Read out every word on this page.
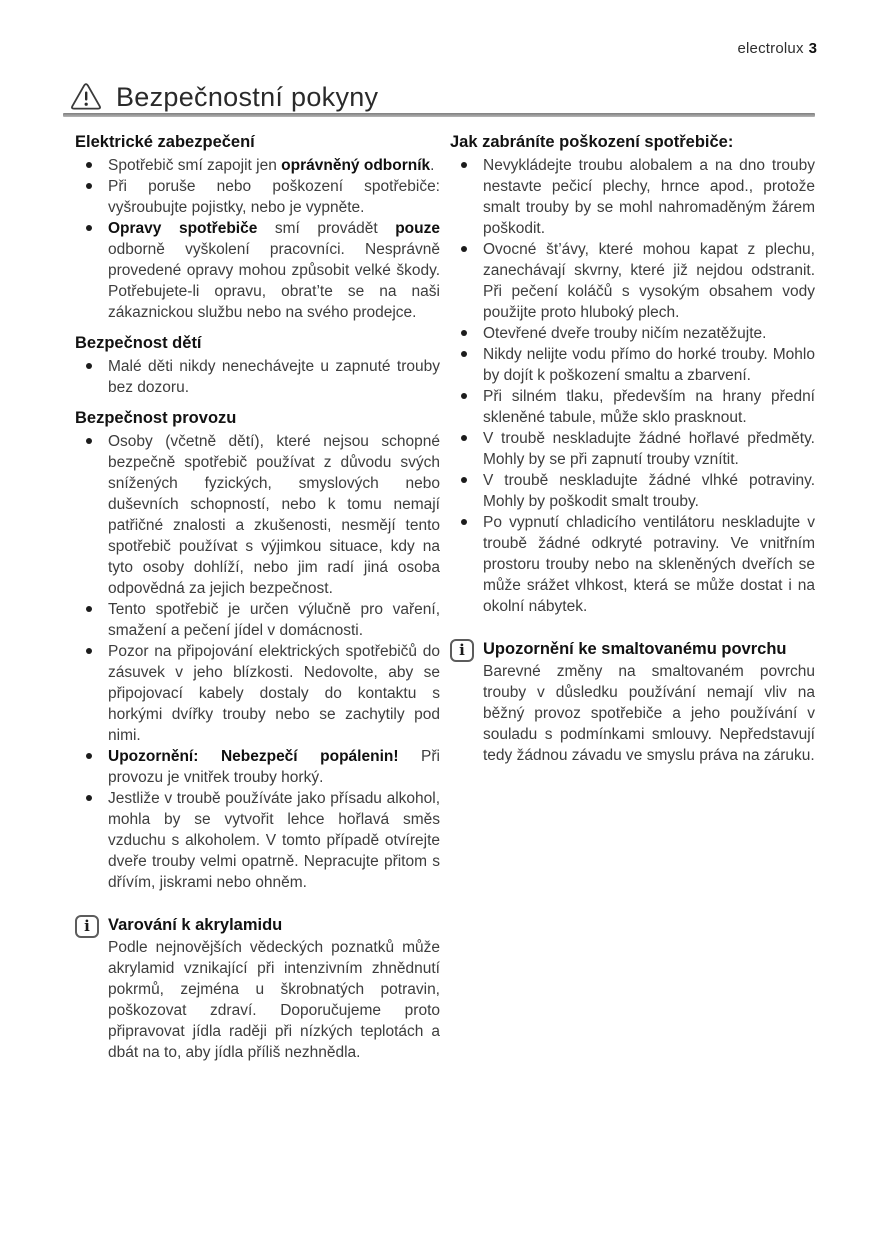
electrolux 3
Bezpečnostní pokyny
Elektrické zabezpečení
Spotřebič smí zapojit jen oprávněný odborník.
Při poruše nebo poškození spotřebiče: vyšroubujte pojistky, nebo je vypněte.
Opravy spotřebiče smí provádět pouze odborně vyškolení pracovníci. Nesprávně provedené opravy mohou způsobit velké škody. Potřebujete-li opravu, obrat’te se na naši zákaznickou službu nebo na svého prodejce.
Bezpečnost dětí
Malé děti nikdy nenechávejte u zapnuté trouby bez dozoru.
Bezpečnost provozu
Osoby (včetně dětí), které nejsou schopné bezpečně spotřebič používat z důvodu svých snížených fyzických, smyslových nebo duševních schopností, nebo k tomu nemají patřičné znalosti a zkušenosti, nesmějí tento spotřebič používat s výjimkou situace, kdy na tyto osoby dohlíží, nebo jim radí jiná osoba odpovědná za jejich bezpečnost.
Tento spotřebič je určen výlučně pro vaření, smažení a pečení jídel v domácnosti.
Pozor na připojování elektrických spotřebičů do zásuvek v jeho blízkosti. Nedovolte, aby se připojovací kabely dostaly do kontaktu s horkými dvířky trouby nebo se zachytily pod nimi.
Upozornění: Nebezpečí popálenin! Při provozu je vnitřek trouby horký.
Jestliže v troubě používáte jako přísadu alkohol, mohla by se vytvořit lehce hořlavá směs vzduchu s alkoholem. V tomto případě otvírejte dveře trouby velmi opatrně. Nepracujte přitom s dřívím, jiskrami nebo ohněm.
i	Varování k akrylamidu
Podle nejnovějších vědeckých poznatků může akrylamid vznikající při intenzivním zhnědnutí pokrmů, zejména u škrobnatých potravin, poškozovat zdraví. Doporučujeme proto připravovat jídla raději při nízkých teplotách a dbát na to, aby jídla příliš nezhnědla.
Jak zabráníte poškození spotřebiče:
Nevykládejte troubu alobalem a na dno trouby nestavte pečicí plechy, hrnce apod., protože smalt trouby by se mohl nahromaděným žárem poškodit.
Ovocné št’ávy, které mohou kapat z plechu, zanechávají skvrny, které již nejdou odstranit. Při pečení koláčů s vysokým obsahem vody použijte proto hluboký plech.
Otevřené dveře trouby ničím nezatěžujte.
Nikdy nelijte vodu přímo do horké trouby. Mohlo by dojít k poškození smaltu a zbarvení.
Při silném tlaku, především na hrany přední skleněné tabule, může sklo prasknout.
V troubě neskladujte žádné hořlavé předměty. Mohly by se při zapnutí trouby vznítit.
V troubě neskladujte žádné vlhké potraviny. Mohly by poškodit smalt trouby.
Po vypnutí chladicího ventilátoru neskladujte v troubě žádné odkryté potraviny. Ve vnitřním prostoru trouby nebo na skleněných dveřích se může srážet vlhkost, která se může dostat i na okolní nábytek.
i	Upozornění ke smaltovanému povrchu
Barevné změny na smaltovaném povrchu trouby v důsledku používání nemají vliv na běžný provoz spotřebiče a jeho používání v souladu s podmínkami smlouvy. Nepředstavují tedy žádnou závadu ve smyslu práva na záruku.
